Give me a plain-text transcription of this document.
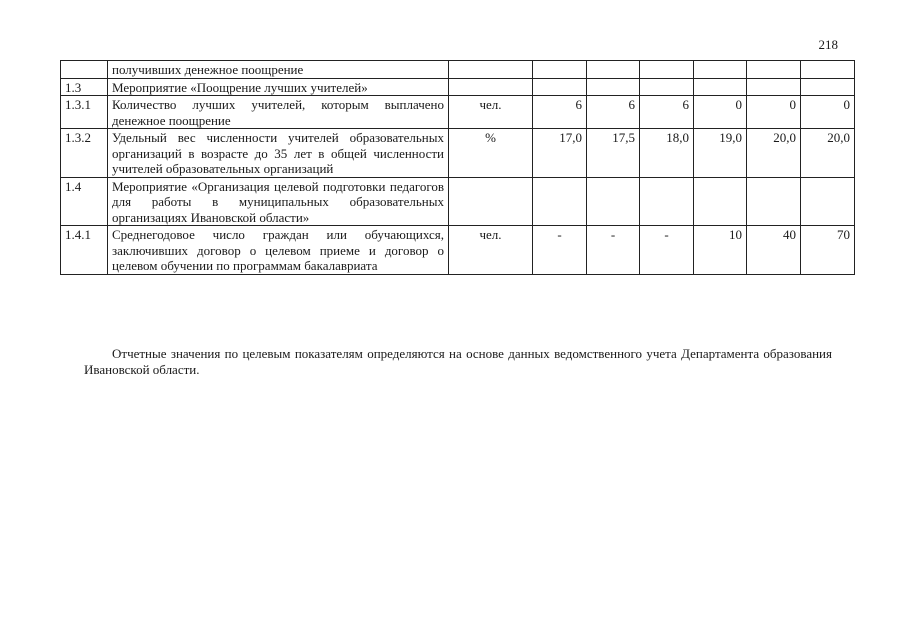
218
	получивших денежное поощрение							
1.3	Мероприятие «Поощрение лучших учителей»							
1.3.1	Количество лучших учителей, которым выплачено денежное поощрение	чел.	6	6	6	0	0	0
1.3.2	Удельный вес численности учителей образовательных организаций в возрасте до 35 лет в общей численности учителей образовательных организаций	%	17,0	17,5	18,0	19,0	20,0	20,0
1.4	Мероприятие «Организация целевой подготовки педагогов для работы в муниципальных образовательных организациях Ивановской области»							
1.4.1	Среднегодовое число граждан или обучающихся, заключивших договор о целевом приеме и договор о целевом обучении по программам бакалавриата	чел.	-	-	-	10	40	70
Отчетные значения по целевым показателям определяются на основе данных ведомственного учета Департамента образования Ивановской области.
